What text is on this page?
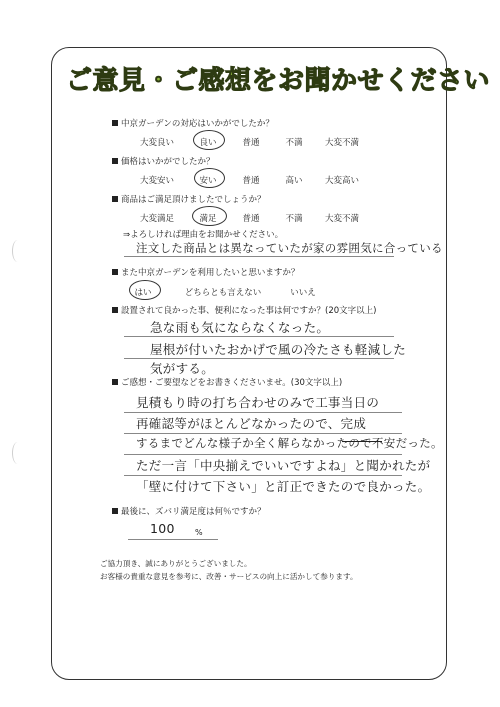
ご意見・ご感想をお聞かせください
中京ガーデンの対応はいかがでしたか？
大変良い	良い	普通	不満	大変不満
価格はいかがでしたか？
大変安い	安い	普通	高い	大変高い
商品はご満足頂けましたでしょうか？
大変満足	満足	普通	不満	大変不満
⇒よろしければ理由をお聞かせください。
注文した商品とは異なっていたが家の雰囲気に合っている
また中京ガーデンを利用したいと思いますか？
はい	どちらとも言えない	いいえ
設置されて良かった事、便利になった事は何ですか？(20文字以上)
急な雨も気にならなくなった。
屋根が付いたおかげで風の冷たさも軽減した
気がする。
ご感想・ご要望などをお書きくださいませ。(30文字以上)
見積もり時の打ち合わせのみで工事当日の
再確認等がほとんどなかったので、完成
するまでどんな様子か全く解らなかったので不安だった。
ただ一言「中央揃えでいいですよね」と聞かれたが
「壁に付けて下さい」と訂正できたので良かった。
最後に、ズバリ満足度は何％ですか？
100	%
ご協力頂き、誠にありがとうございました。
お客様の貴重な意見を参考に、改善・サービスの向上に活かして参ります。
